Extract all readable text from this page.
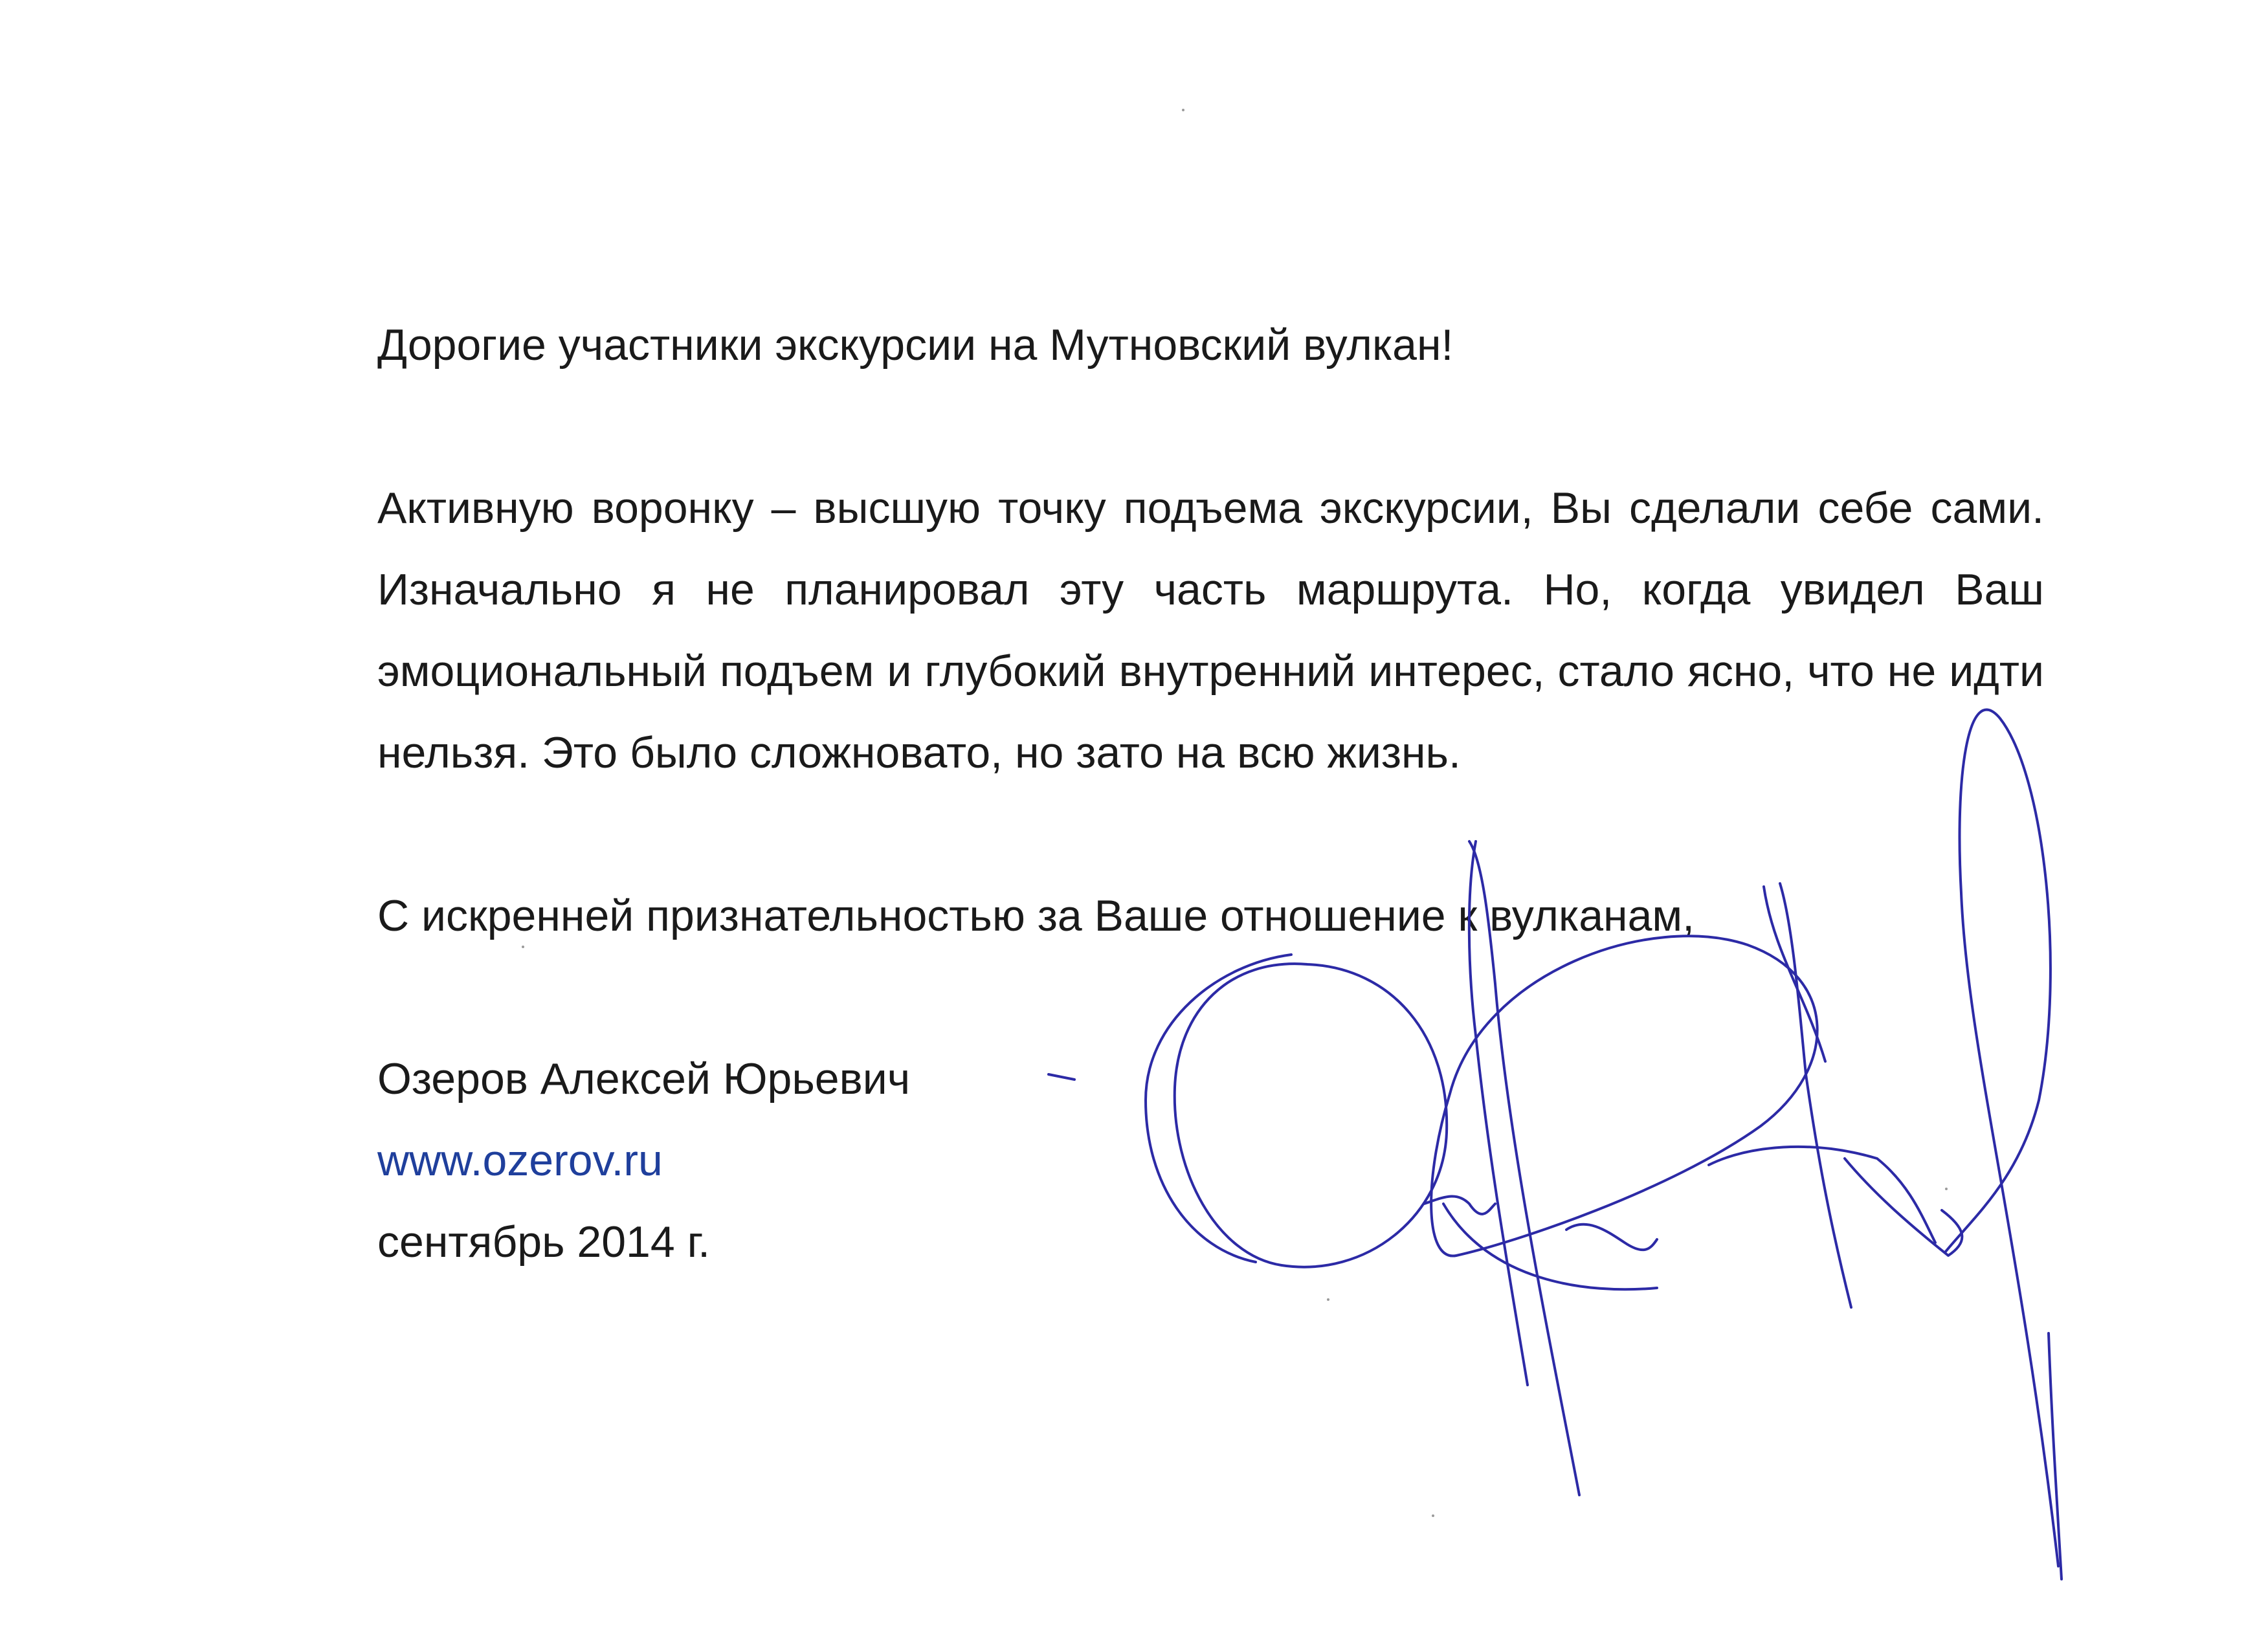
Дорогие участники экскурсии на Мутновский вулкан!

Активную воронку – высшую точку подъема экскурсии, Вы сделали себе сами. Изначально я не планировал эту часть маршрута. Но, когда увидел Ваш эмоциональный подъем и глубокий внутренний интерес, стало ясно, что не идти нельзя. Это было сложновато, но зато на всю жизнь.

С искренней признательностью за Ваше отношение к вулканам,

Озеров Алексей Юрьевич
www.ozerov.ru
сентябрь 2014 г.
